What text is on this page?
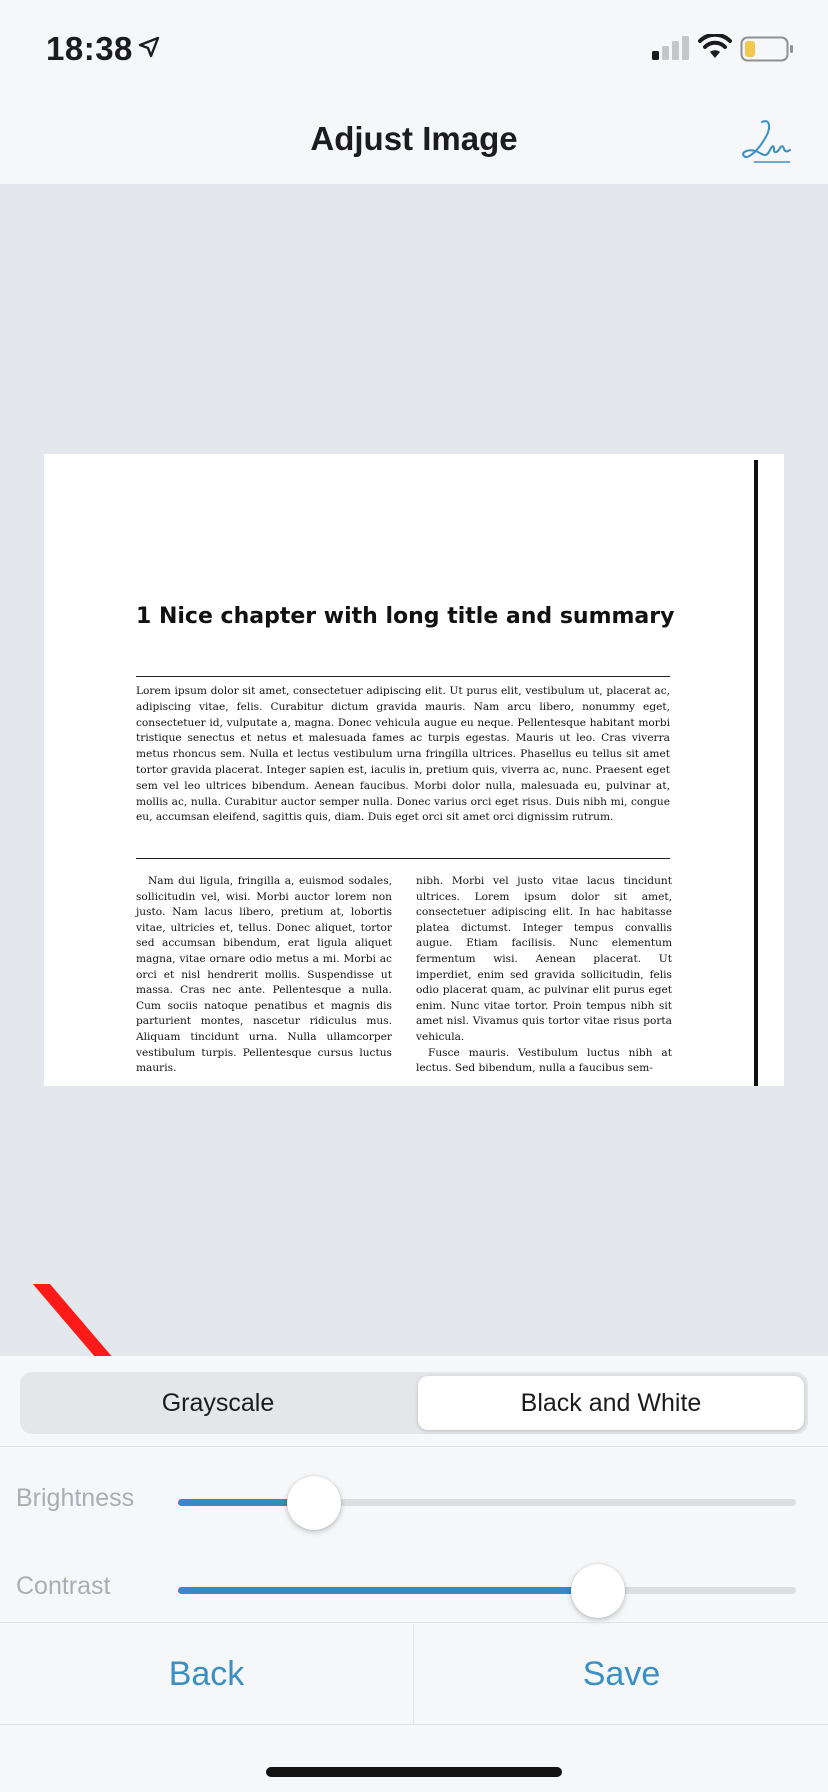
18:38
Adjust Image
1 Nice chapter with long title and summary
Lorem ipsum dolor sit amet, consectetuer adipiscing elit. Ut purus elit, vestibulum ut, placerat ac, adipiscing vitae, felis. Curabitur dictum gravida mauris. Nam arcu libero, nonummy eget, consectetuer id, vulputate a, magna. Donec vehicula augue eu neque. Pellentesque habitant morbi tristique senectus et netus et malesuada fames ac turpis egestas. Mauris ut leo. Cras viverra metus rhoncus sem. Nulla et lectus vestibulum urna fringilla ultrices. Phasellus eu tellus sit amet tortor gravida placerat. Integer sapien est, iaculis in, pretium quis, viverra ac, nunc. Praesent eget sem vel leo ultrices bibendum. Aenean faucibus. Morbi dolor nulla, malesuada eu, pulvinar at, mollis ac, nulla. Curabitur auctor semper nulla. Donec varius orci eget risus. Duis nibh mi, congue eu, accumsan eleifend, sagittis quis, diam. Duis eget orci sit amet orci dignissim rutrum.

Nam dui ligula, fringilla a, euismod sodales, sollicitudin vel, wisi. Morbi auctor lorem non justo. Nam lacus libero, pretium at, lobortis vitae, ultricies et, tellus. Donec aliquet, tortor sed accumsan bibendum, erat ligula aliquet magna, vitae ornare odio metus a mi. Morbi ac orci et nisl hendrerit mollis. Suspendisse ut massa. Cras nec ante. Pellentesque a nulla. Cum sociis natoque penatibus et magnis dis parturient montes, nascetur ridiculus mus. Aliquam tincidunt urna. Nulla ullamcorper vestibulum turpis. Pellentesque cursus luctus mauris.

nibh. Morbi vel justo vitae lacus tincidunt ultrices. Lorem ipsum dolor sit amet, consectetuer adipiscing elit. In hac habitasse platea dictumst. Integer tempus convallis augue. Etiam facilisis. Nunc elementum fermentum wisi. Aenean placerat. Ut imperdiet, enim sed gravida sollicitudin, felis odio placerat quam, ac pulvinar elit purus eget enim. Nunc vitae tortor. Proin tempus nibh sit amet nisl. Vivamus quis tortor vitae risus porta vehicula.

Fusce mauris. Vestibulum luctus nibh at lectus. Sed bibendum, nulla a faucibus sem-

Grayscale	Black and White
Brightness
Contrast
Back	Save
